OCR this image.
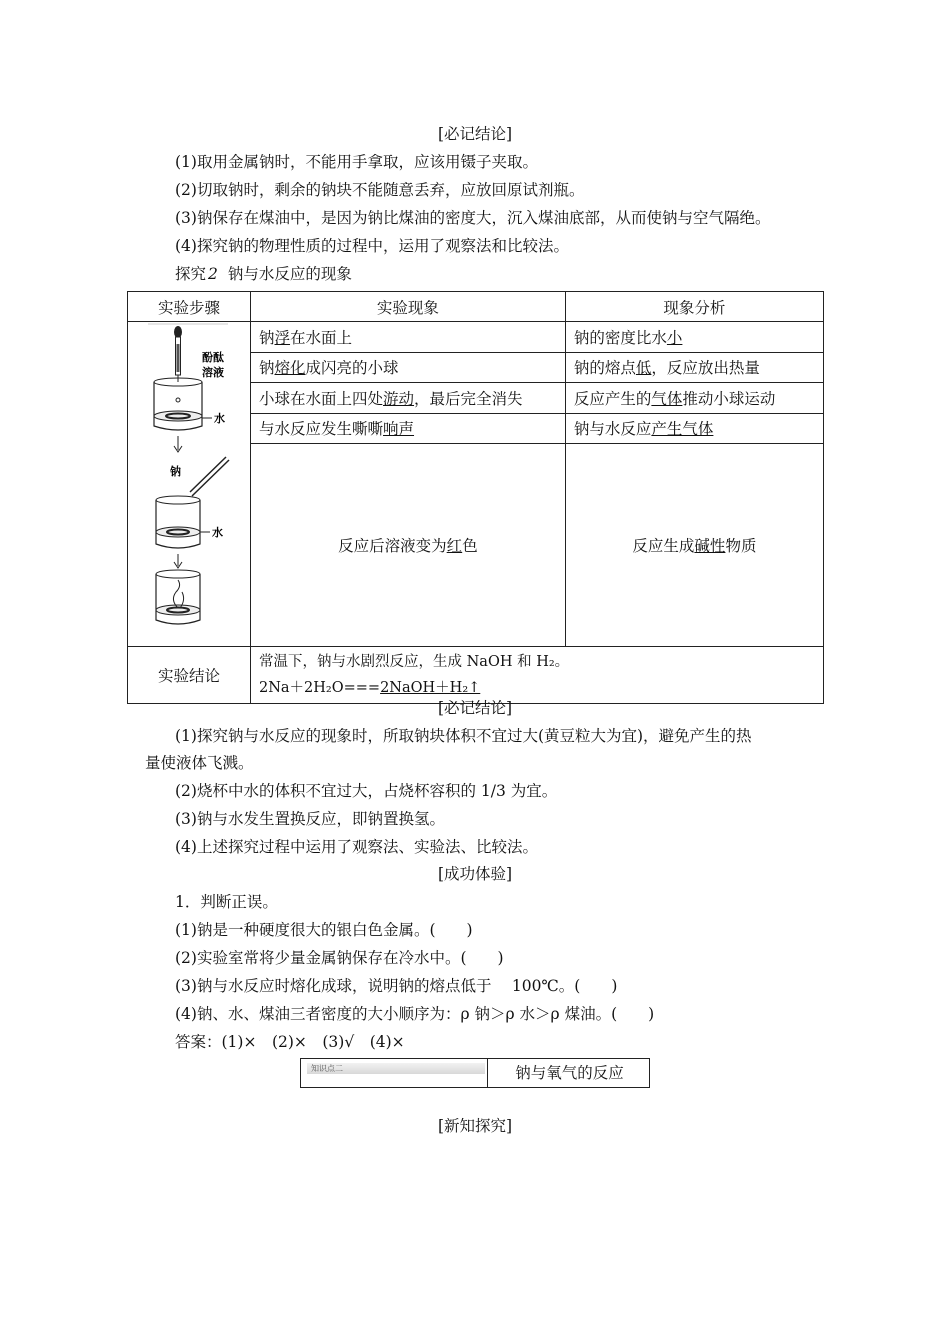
[必记结论]
(1)取用金属钠时，不能用手拿取，应该用镊子夹取。
(2)切取钠时，剩余的钠块不能随意丢弃，应放回原试剂瓶。
(3)钠保存在煤油中，是因为钠比煤油的密度大，沉入煤油底部，从而使钠与空气隔绝。
(4)探究钠的物理性质的过程中，运用了观察法和比较法。
探究 2 钠与水反应的现象
实验步骤	实验现象	现象分析

酚酞
溶液
水
钠
水	钠浮在水面上	钠的密度比水小
	钠熔化成闪亮的小球	钠的熔点低，反应放出热量
	小球在水面上四处游动，最后完全消失	反应产生的气体推动小球运动
	与水反应发生嘶嘶响声	钠与水反应产生气体
	反应后溶液变为红色	反应生成碱性物质
实验结论	常温下，钠与水剧烈反应，生成 NaOH 和 H₂。
2Na＋2H₂O===2NaOH＋H₂↑	
[必记结论]
(1)探究钠与水反应的现象时，所取钠块体积不宜过大(黄豆粒大为宜)，避免产生的热
量使液体飞溅。
(2)烧杯中水的体积不宜过大，占烧杯容积的 1/3 为宜。
(3)钠与水发生置换反应，即钠置换氢。
(4)上述探究过程中运用了观察法、实验法、比较法。
[成功体验]
1．判断正误。
(1)钠是一种硬度很大的银白色金属。(　　)
(2)实验室常将少量金属钠保存在冷水中。(　　)
(3)钠与水反应时熔化成球，说明钠的熔点低于　 100℃。(　　)
(4)钠、水、煤油三者密度的大小顺序为：ρ 钠＞ρ 水＞ρ 煤油。(　　)
答案：(1)×　(2)×　(3)√　(4)×
知识点二	钠与氧气的反应
[新知探究]
